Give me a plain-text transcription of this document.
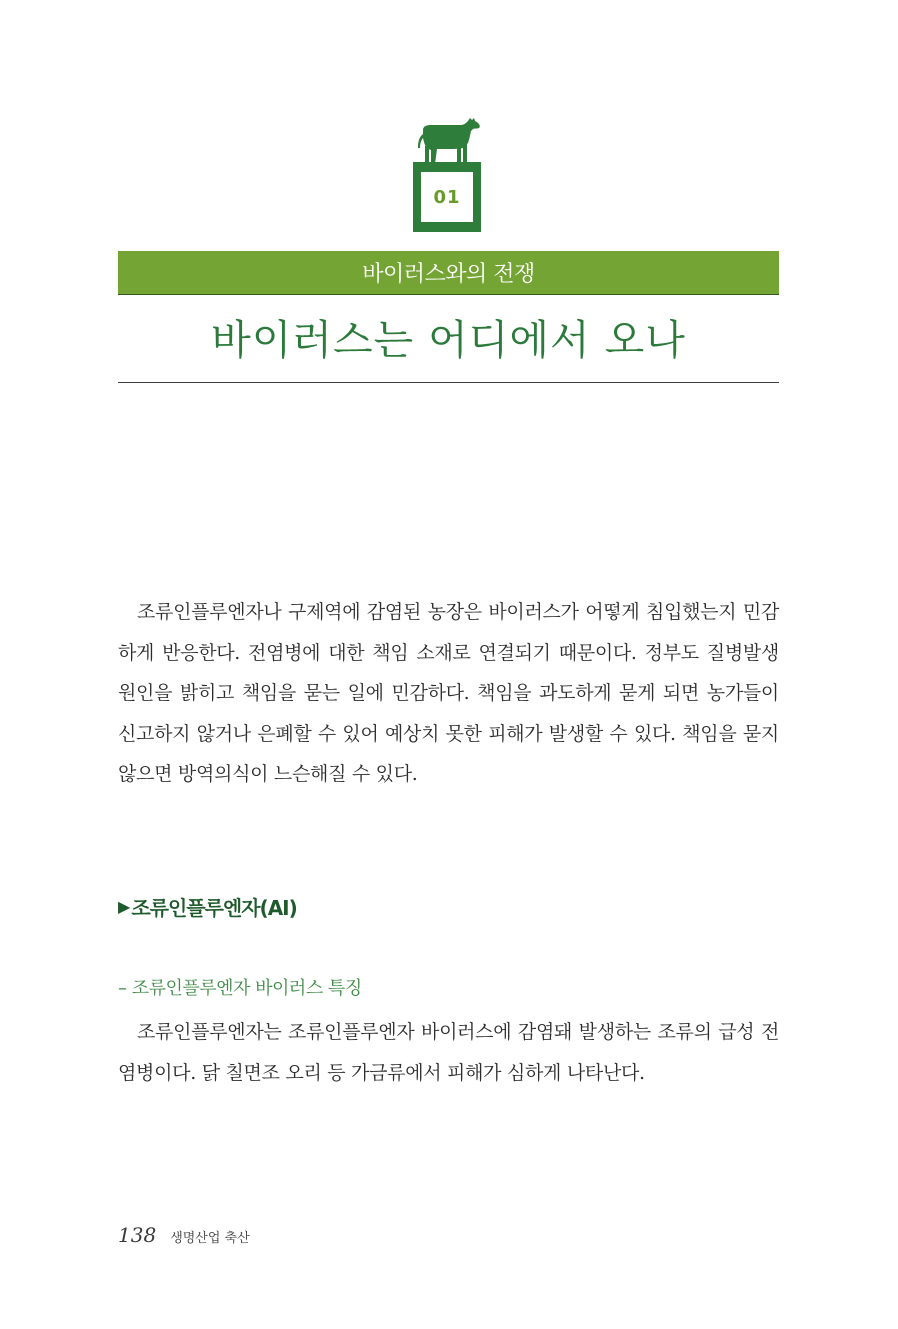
01
바이러스와의 전쟁
바이러스는 어디에서 오나

조류인플루엔자나 구제역에 감염된 농장은 바이러스가 어떻게 침입했는지 민감하게 반응한다. 전염병에 대한 책임 소재로 연결되기 때문이다. 정부도 질병발생 원인을 밝히고 책임을 묻는 일에 민감하다. 책임을 과도하게 묻게 되면 농가들이 신고하지 않거나 은폐할 수 있어 예상치 못한 피해가 발생할 수 있다. 책임을 묻지 않으면 방역의식이 느슨해질 수 있다.

▶ 조류인플루엔자(AI)
– 조류인플루엔자 바이러스 특징

조류인플루엔자는 조류인플루엔자 바이러스에 감염돼 발생하는 조류의 급성 전염병이다. 닭 칠면조 오리 등 가금류에서 피해가 심하게 나타난다.

138 생명산업 축산
